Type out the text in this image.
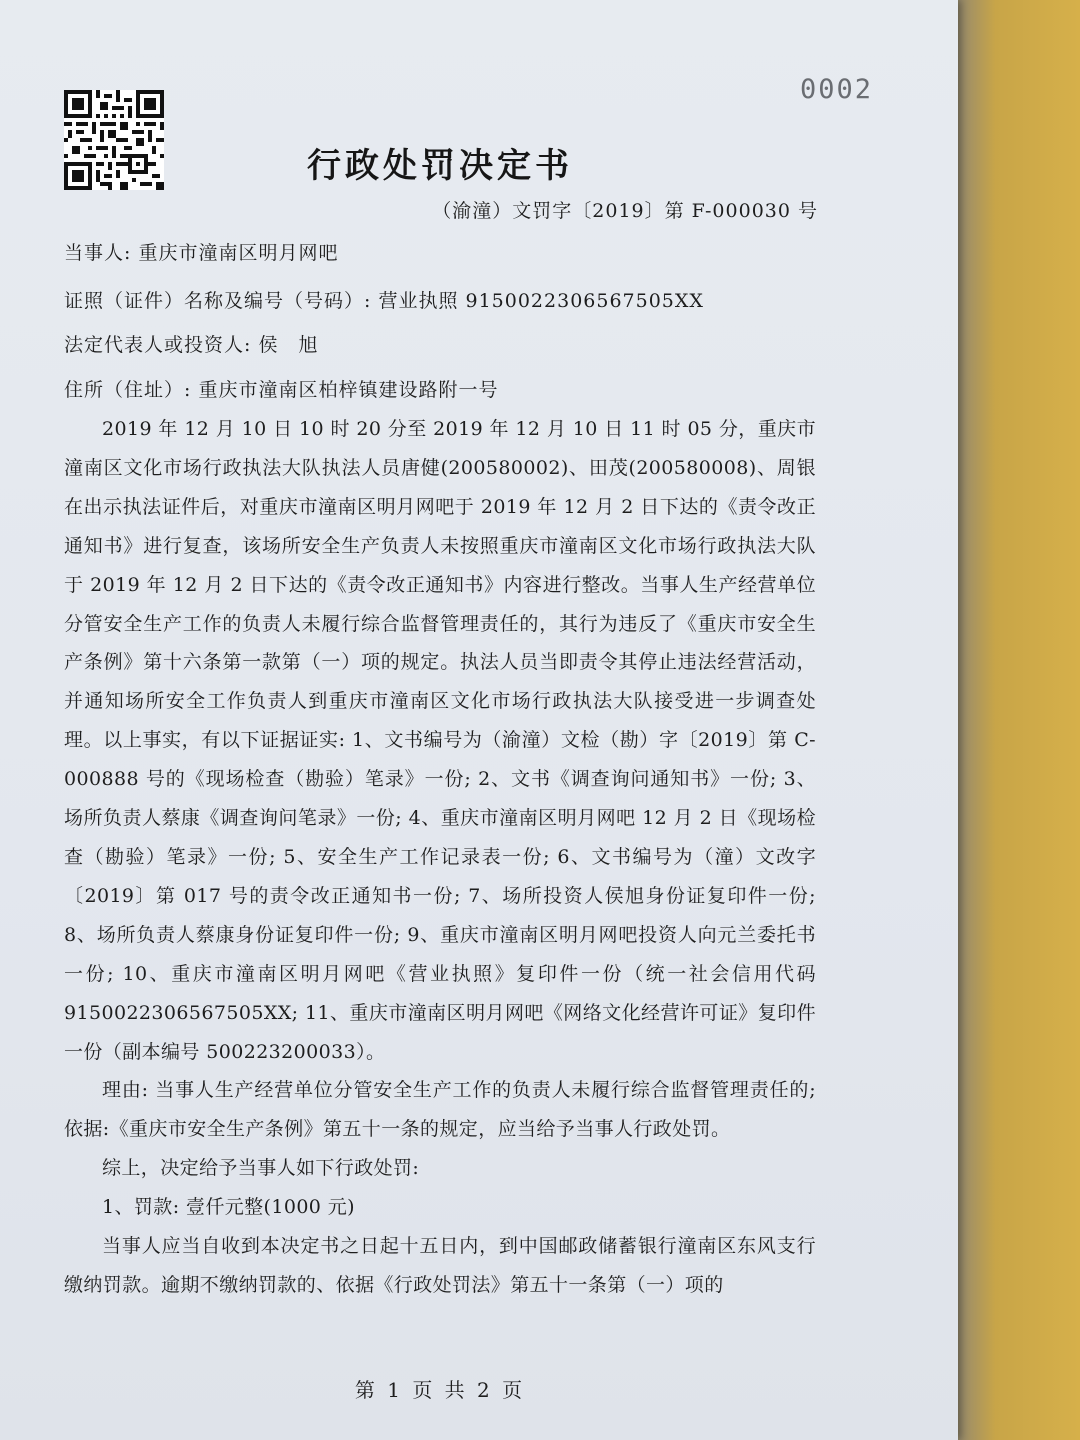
0002
行政处罚决定书
（渝潼）文罚字〔2019〕第 F-000030 号
当事人: 重庆市潼南区明月网吧
证照（证件）名称及编号（号码）: 营业执照 9150022306567505XX
法定代表人或投资人: 侯　旭
住所（住址）: 重庆市潼南区柏梓镇建设路附一号

2019 年 12 月 10 日 10 时 20 分至 2019 年 12 月 10 日 11 时 05 分，重庆市潼南区文化市场行政执法大队执法人员唐健(200580002)、田茂(200580008)、周银在出示执法证件后，对重庆市潼南区明月网吧于 2019 年 12 月 2 日下达的《责令改正通知书》进行复查，该场所安全生产负责人未按照重庆市潼南区文化市场行政执法大队于 2019 年 12 月 2 日下达的《责令改正通知书》内容进行整改。当事人生产经营单位分管安全生产工作的负责人未履行综合监督管理责任的，其行为违反了《重庆市安全生产条例》第十六条第一款第（一）项的规定。执法人员当即责令其停止违法经营活动，并通知场所安全工作负责人到重庆市潼南区文化市场行政执法大队接受进一步调查处理。以上事实，有以下证据证实: 1、文书编号为（渝潼）文检（勘）字〔2019〕第 C-000888 号的《现场检查（勘验）笔录》一份; 2、文书《调查询问通知书》一份; 3、场所负责人蔡康《调查询问笔录》一份; 4、重庆市潼南区明月网吧 12 月 2 日《现场检查（勘验）笔录》一份; 5、安全生产工作记录表一份; 6、文书编号为（潼）文改字〔2019〕第 017 号的责令改正通知书一份; 7、场所投资人侯旭身份证复印件一份; 8、场所负责人蔡康身份证复印件一份; 9、重庆市潼南区明月网吧投资人向元兰委托书一份; 10、重庆市潼南区明月网吧《营业执照》复印件一份（统一社会信用代码 9150022306567505XX; 11、重庆市潼南区明月网吧《网络文化经营许可证》复印件一份（副本编号 500223200033）。

理由: 当事人生产经营单位分管安全生产工作的负责人未履行综合监督管理责任的; 依据:《重庆市安全生产条例》第五十一条的规定，应当给予当事人行政处罚。

综上，决定给予当事人如下行政处罚:

1、罚款: 壹仟元整(1000 元)

当事人应当自收到本决定书之日起十五日内，到中国邮政储蓄银行潼南区东风支行缴纳罚款。逾期不缴纳罚款的、依据《行政处罚法》第五十一条第（一）项的

第 1 页 共 2 页
